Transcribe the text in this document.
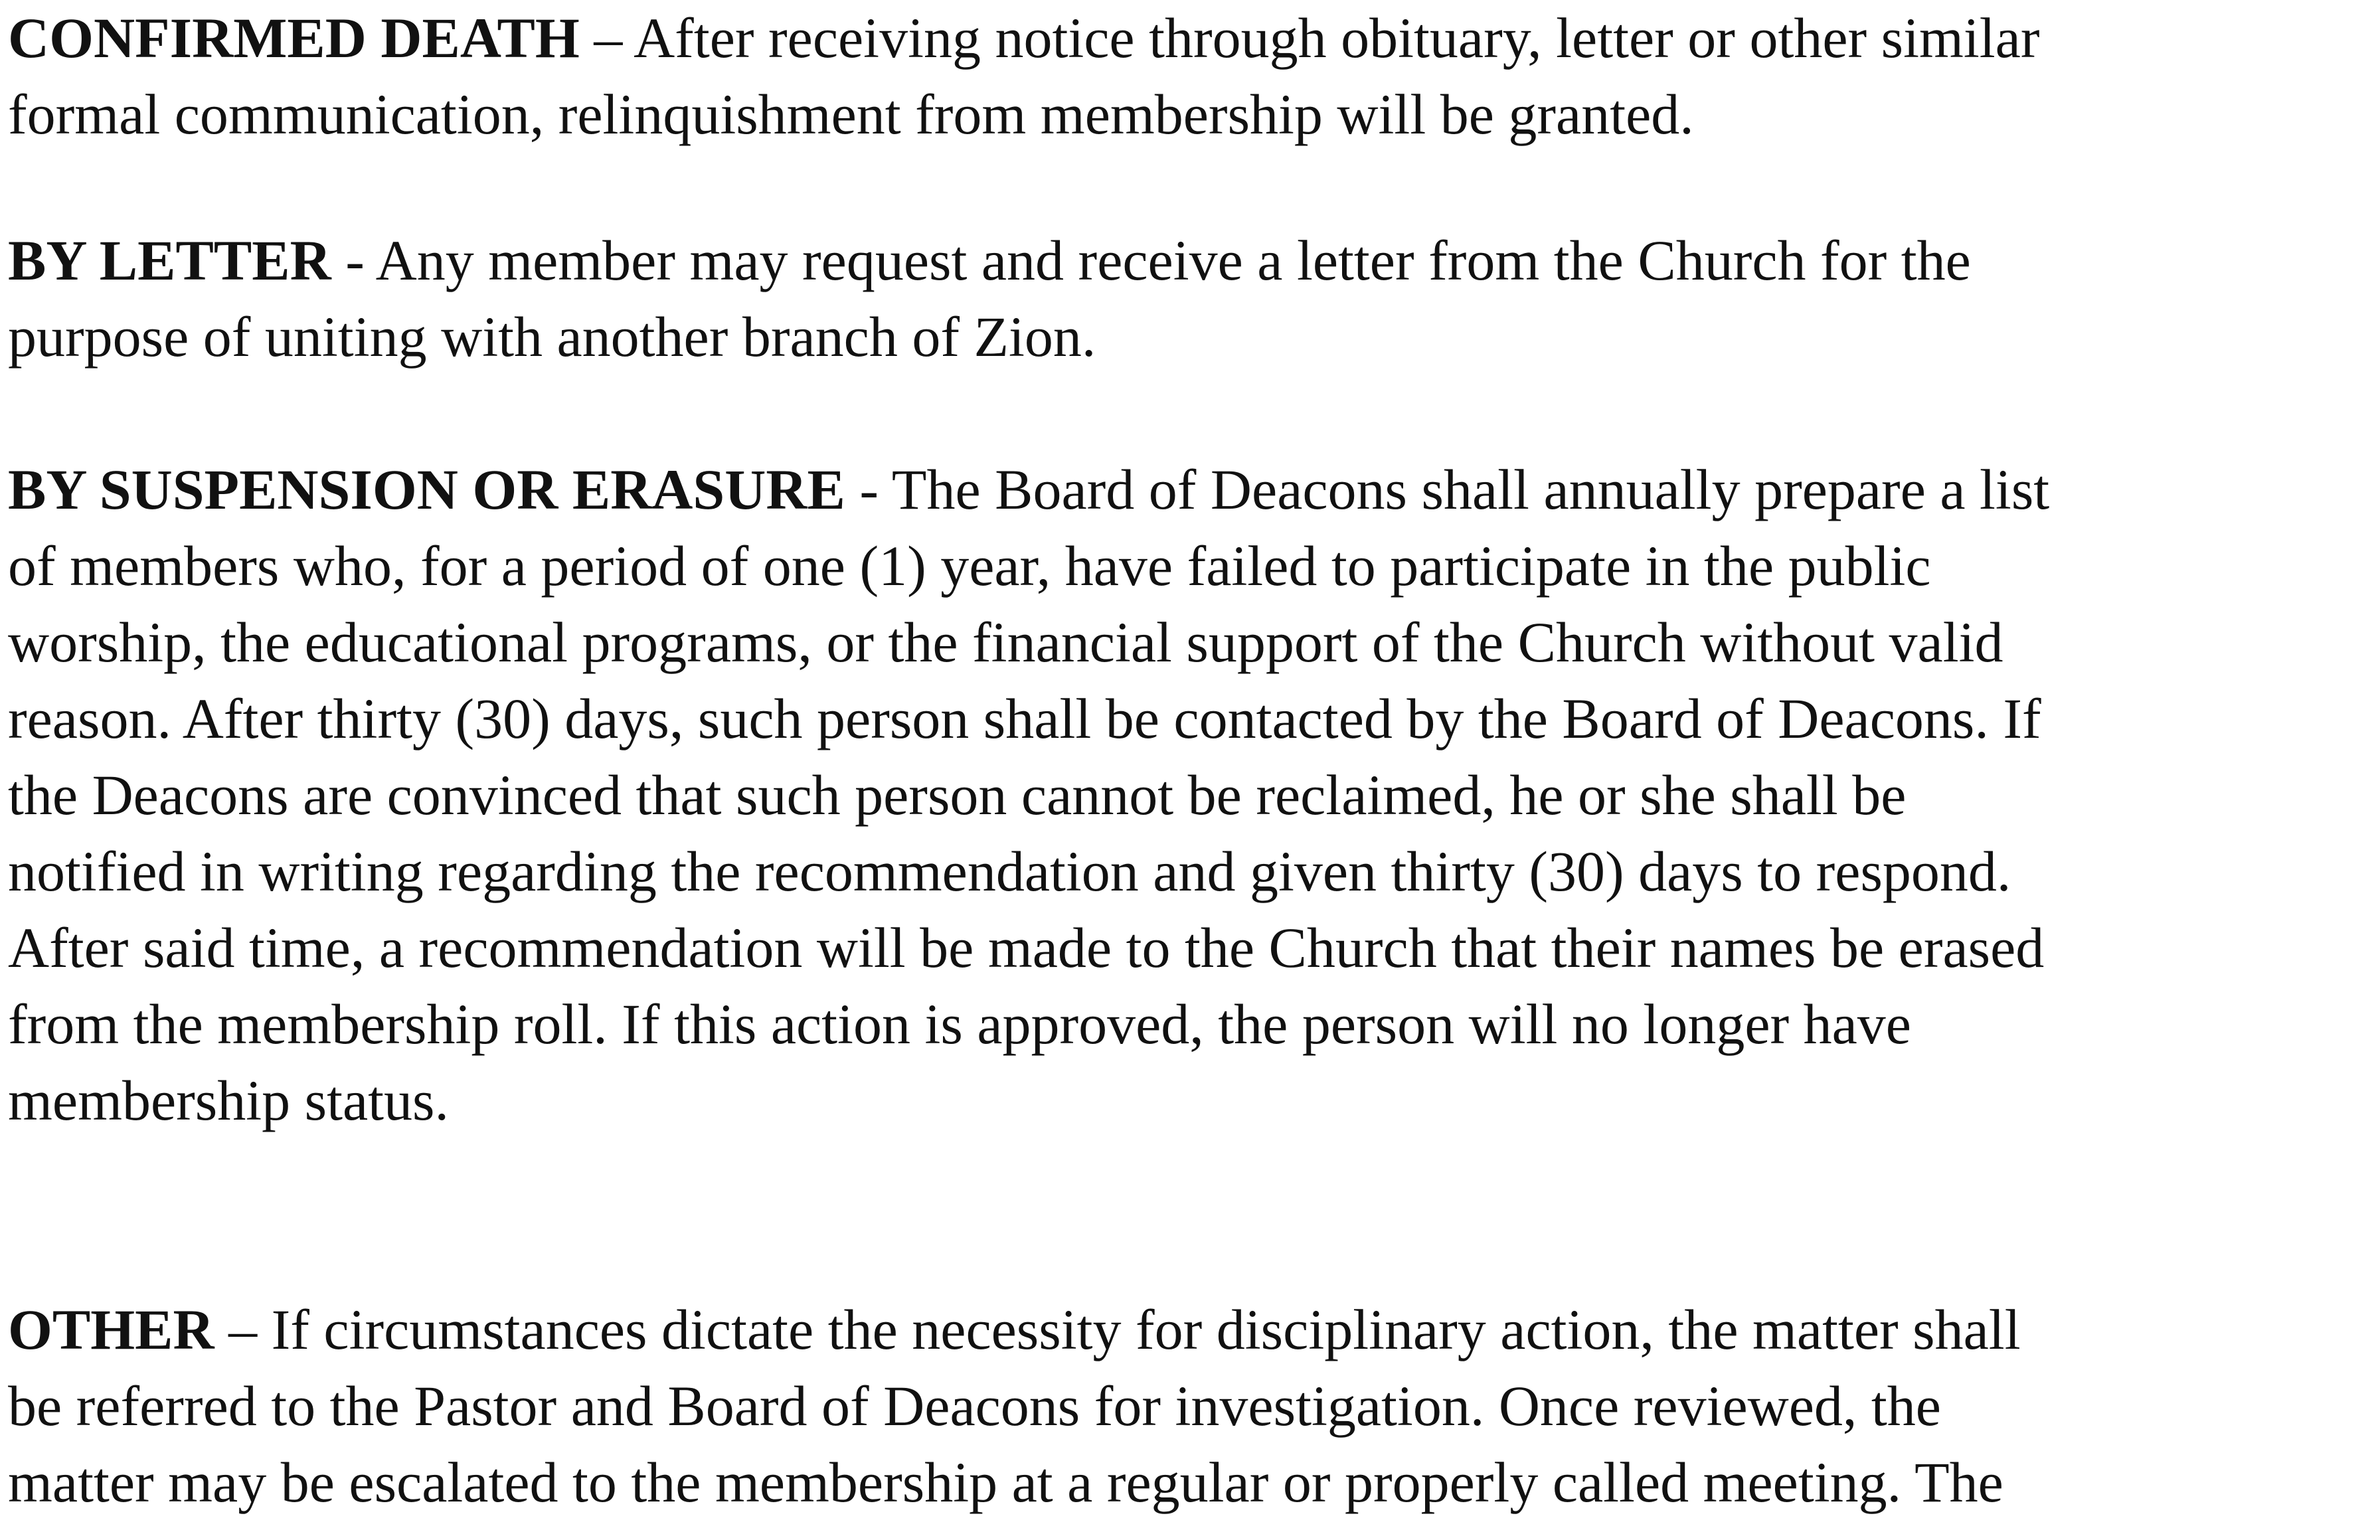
CONFIRMED DEATH – After receiving notice through obituary, letter or other similar
formal communication, relinquishment from membership will be granted.
BY LETTER - Any member may request and receive a letter from the Church for the
purpose of uniting with another branch of Zion.
BY SUSPENSION OR ERASURE - The Board of Deacons shall annually prepare a list
of members who, for a period of one (1) year, have failed to participate in the public
worship, the educational programs, or the financial support of the Church without valid
reason. After thirty (30) days, such person shall be contacted by the Board of Deacons. If
the Deacons are convinced that such person cannot be reclaimed, he or she shall be
notified in writing regarding the recommendation and given thirty (30) days to respond.
After said time, a recommendation will be made to the Church that their names be erased
from the membership roll. If this action is approved, the person will no longer have
membership status.
OTHER – If circumstances dictate the necessity for disciplinary action, the matter shall
be referred to the Pastor and Board of Deacons for investigation. Once reviewed, the
matter may be escalated to the membership at a regular or properly called meeting. The
